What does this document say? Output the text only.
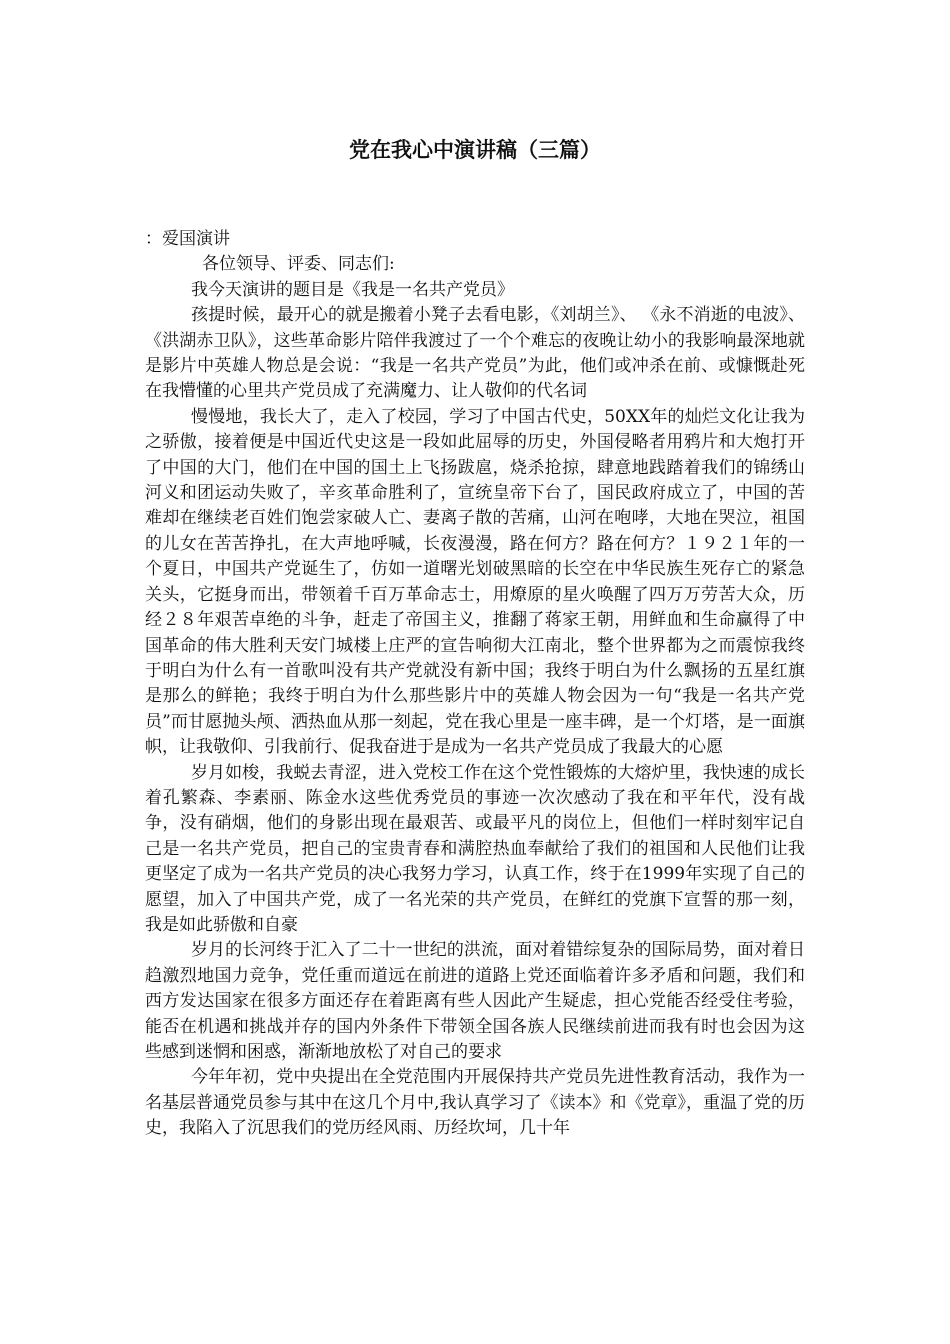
党在我心中演讲稿（三篇）

：爱国演讲

各位领导、评委、同志们:

我今天演讲的题目是《我是一名共产党员》

孩提时候，最开心的就是搬着小凳子去看电影，《刘胡兰》、 《永不消逝的电波》、《洪湖赤卫队》，这些革命影片陪伴我渡过了一个个难忘的夜晚让幼小的我影响最深地就是影片中英雄人物总是会说：“我是一名共产党员”为此，他们或冲杀在前、或慷慨赴死在我懵懂的心里共产党员成了充满魔力、让人敬仰的代名词

慢慢地，我长大了，走入了校园，学习了中国古代史，50XX年的灿烂文化让我为之骄傲，接着便是中国近代史这是一段如此屈辱的历史，外国侵略者用鸦片和大炮打开了中国的大门，他们在中国的国土上飞扬跋扈，烧杀抢掠，肆意地践踏着我们的锦绣山河义和团运动失败了，辛亥革命胜利了，宣统皇帝下台了，国民政府成立了，中国的苦难却在继续老百姓们饱尝家破人亡、妻离子散的苦痛，山河在咆哮，大地在哭泣，祖国的儿女在苦苦挣扎，在大声地呼喊，长夜漫漫，路在何方？路在何方？１９２１年的一个夏日，中国共产党诞生了，仿如一道曙光划破黑暗的长空在中华民族生死存亡的紧急关头，它挺身而出，带领着千百万革命志士，用燎原的星火唤醒了四万万劳苦大众，历经２８年艰苦卓绝的斗争，赶走了帝国主义，推翻了蒋家王朝，用鲜血和生命赢得了中国革命的伟大胜利天安门城楼上庄严的宣告响彻大江南北，整个世界都为之而震惊我终于明白为什么有一首歌叫没有共产党就没有新中国；我终于明白为什么飘扬的五星红旗是那么的鲜艳；我终于明白为什么那些影片中的英雄人物会因为一句“我是一名共产党员”而甘愿抛头颅、洒热血从那一刻起，党在我心里是一座丰碑，是一个灯塔，是一面旗帜，让我敬仰、引我前行、促我奋进于是成为一名共产党员成了我最大的心愿

岁月如梭，我蜕去青涩，进入党校工作在这个党性锻炼的大熔炉里，我快速的成长着孔繁森、李素丽、陈金水这些优秀党员的事迹一次次感动了我在和平年代，没有战争，没有硝烟，他们的身影出现在最艰苦、或最平凡的岗位上，但他们一样时刻牢记自己是一名共产党员，把自己的宝贵青春和满腔热血奉献给了我们的祖国和人民他们让我更坚定了成为一名共产党员的决心我努力学习，认真工作，终于在1999年实现了自己的愿望，加入了中国共产党，成了一名光荣的共产党员，在鲜红的党旗下宣誓的那一刻，我是如此骄傲和自豪

岁月的长河终于汇入了二十一世纪的洪流，面对着错综复杂的国际局势，面对着日趋激烈地国力竞争，党任重而道远在前进的道路上党还面临着许多矛盾和问题，我们和西方发达国家在很多方面还存在着距离有些人因此产生疑虑，担心党能否经受住考验，能否在机遇和挑战并存的国内外条件下带领全国各族人民继续前进而我有时也会因为这些感到迷惘和困惑，渐渐地放松了对自己的要求

今年年初，党中央提出在全党范围内开展保持共产党员先进性教育活动，我作为一名基层普通党员参与其中在这几个月中,我认真学习了《读本》和《党章》，重温了党的历史，我陷入了沉思我们的党历经风雨、历经坎坷，几十年
